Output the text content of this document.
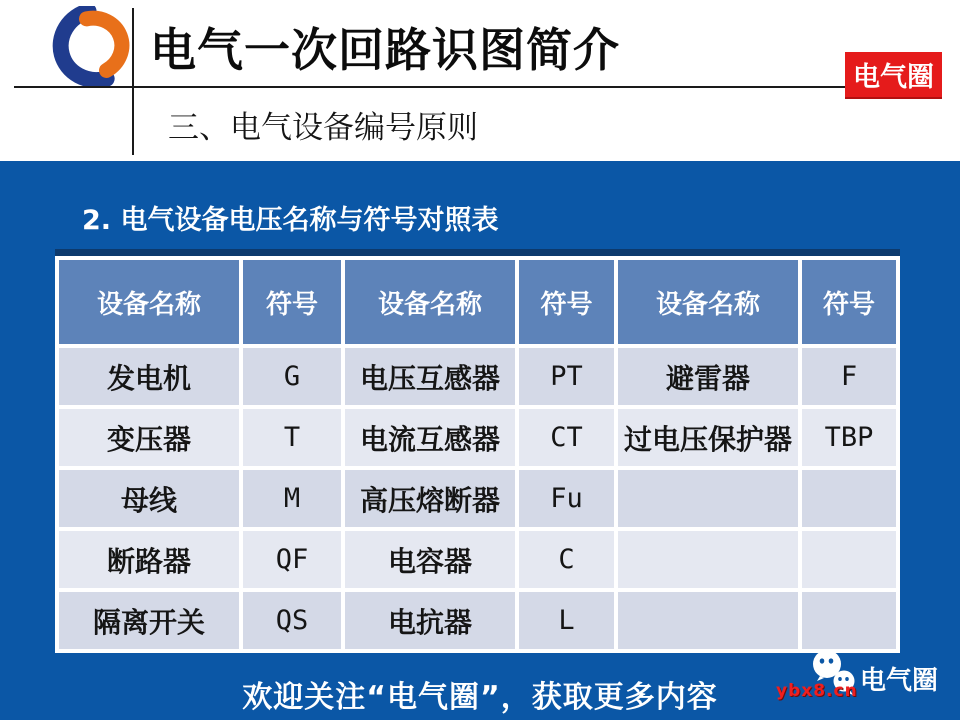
电气一次回路识图简介
电气圈
三、电气设备编号原则
2. 电气设备电压名称与符号对照表
设备名称	符号	设备名称	符号	设备名称	符号
发电机	G	电压互感器	PT	避雷器	F
变压器	T	电流互感器	CT	过电压保护器	TBP
母线	M	高压熔断器	Fu
断路器	QF	电容器	C
隔离开关	QS	电抗器	L
欢迎关注“电气圈”，获取更多内容	电气圈
ybx8.cn
